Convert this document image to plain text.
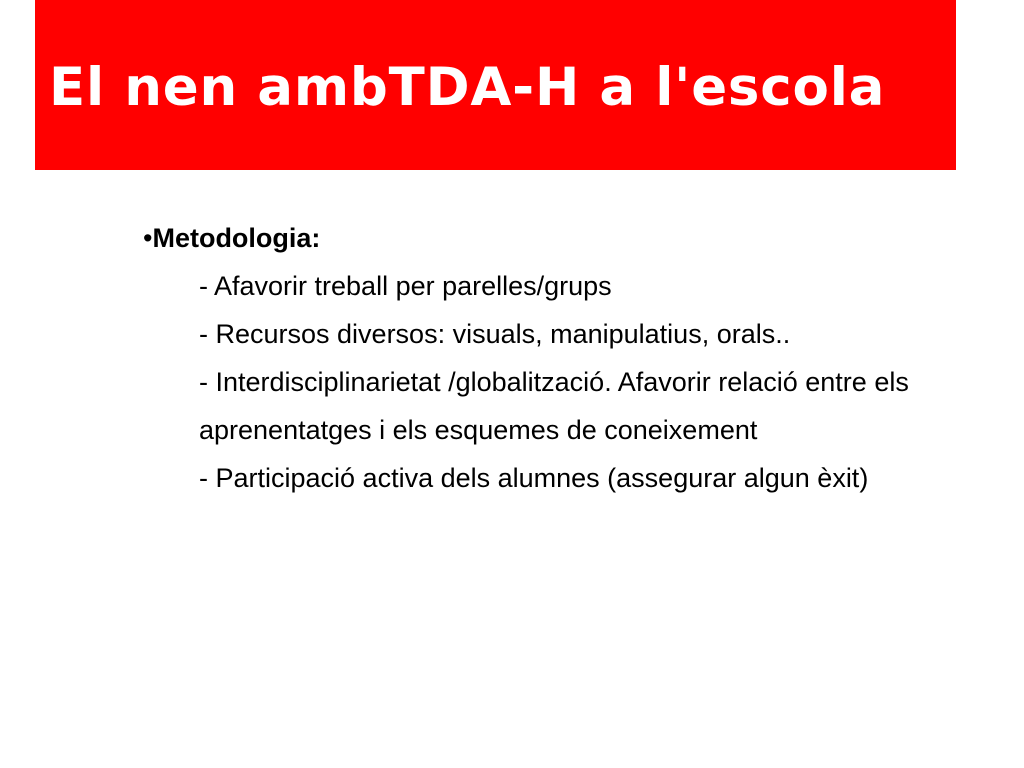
El nen ambTDA-H a l'escola
•Metodologia:
- Afavorir treball per parelles/grups
- Recursos diversos: visuals, manipulatius, orals..
- Interdisciplinarietat /globalització. Afavorir relació entre els aprenentatges i els esquemes de coneixement
- Participació activa dels alumnes (assegurar algun èxit)
